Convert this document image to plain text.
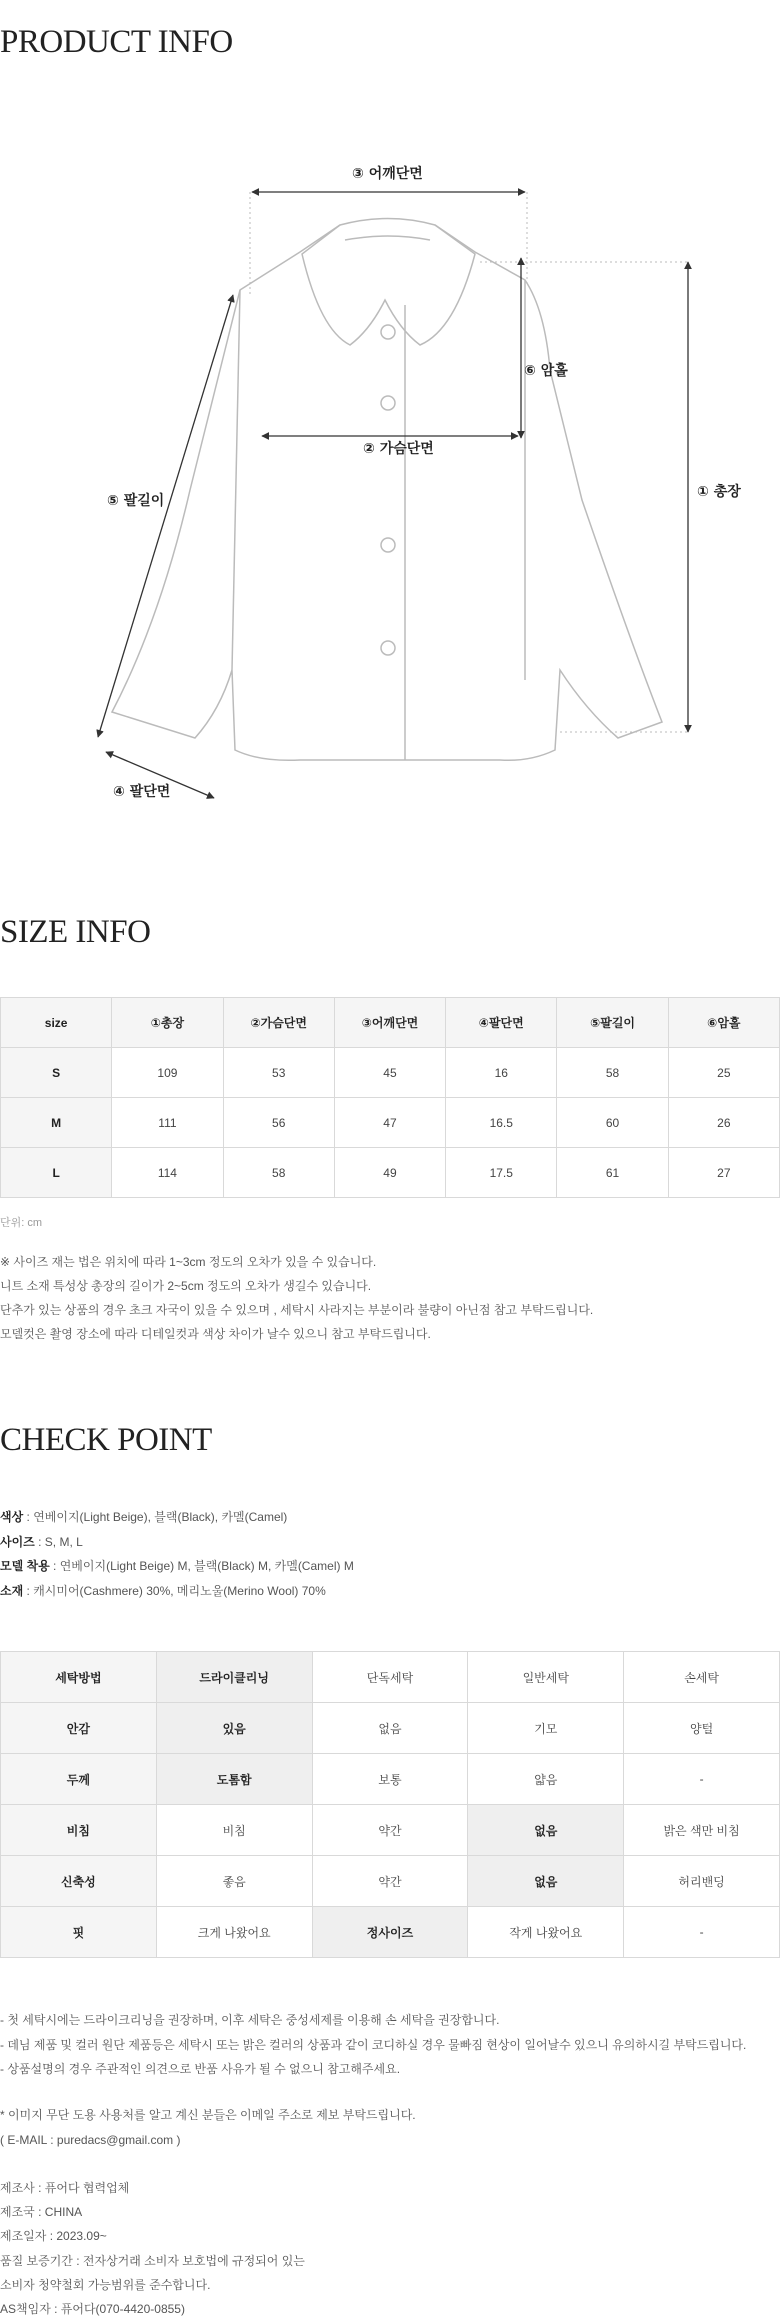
PRODUCT INFO
③ 어깨단면
⑥ 암홀
② 가슴단면
① 총장
⑤ 팔길이
④ 팔단면
SIZE INFO
size	①총장	②가슴단면	③어깨단면	④팔단면	⑤팔길이	⑥암홀
S	109	53	45	16	58	25
M	111	56	47	16.5	60	26
L	114	58	49	17.5	61	27
단위: cm

※ 사이즈 재는 법은 위치에 따라 1~3cm 정도의 오차가 있을 수 있습니다.

니트 소재 특성상 총장의 길이가 2~5cm 정도의 오차가 생길수 있습니다.

단추가 있는 상품의 경우 초크 자국이 있을 수 있으며 , 세탁시 사라지는 부분이라 불량이 아닌점 참고 부탁드립니다.

모델컷은 촬영 장소에 따라 디테일컷과 색상 차이가 날수 있으니 참고 부탁드립니다.

CHECK POINT

색상 : 연베이지(Light Beige), 블랙(Black), 카멜(Camel)

사이즈 : S, M, L

모델 착용 : 연베이지(Light Beige) M, 블랙(Black) M, 카멜(Camel) M

소재 : 캐시미어(Cashmere) 30%, 메리노울(Merino Wool) 70%

세탁방법	드라이클리닝	단독세탁	일반세탁	손세탁
안감	있음	없음	기모	양털
두께	도톰함	보통	얇음	-
비침	비침	약간	없음	밝은 색만 비침
신축성	좋음	약간	없음	허리밴딩
핏	크게 나왔어요	정사이즈	작게 나왔어요	-

- 첫 세탁시에는 드라이크리닝을 권장하며, 이후 세탁은 중성세제를 이용해 손 세탁을 권장합니다.

- 데님 제품 및 컬러 원단 제품등은 세탁시 또는 밝은 컬러의 상품과 같이 코디하실 경우 물빠짐 현상이 일어날수 있으니 유의하시길 부탁드립니다.

- 상품설명의 경우 주관적인 의견으로 반품 사유가 될 수 없으니 참고해주세요.

* 이미지 무단 도용 사용처를 알고 계신 분들은 이메일 주소로 제보 부탁드립니다.

( E-MAIL : puredacs@gmail.com )

제조사 : 퓨어다 협력업체

제조국 : CHINA

제조일자 : 2023.09~

품질 보증기간 : 전자상거래 소비자 보호법에 규정되어 있는

소비자 청약철회 가능범위를 준수합니다.

AS책임자 : 퓨어다(070-4420-0855)
